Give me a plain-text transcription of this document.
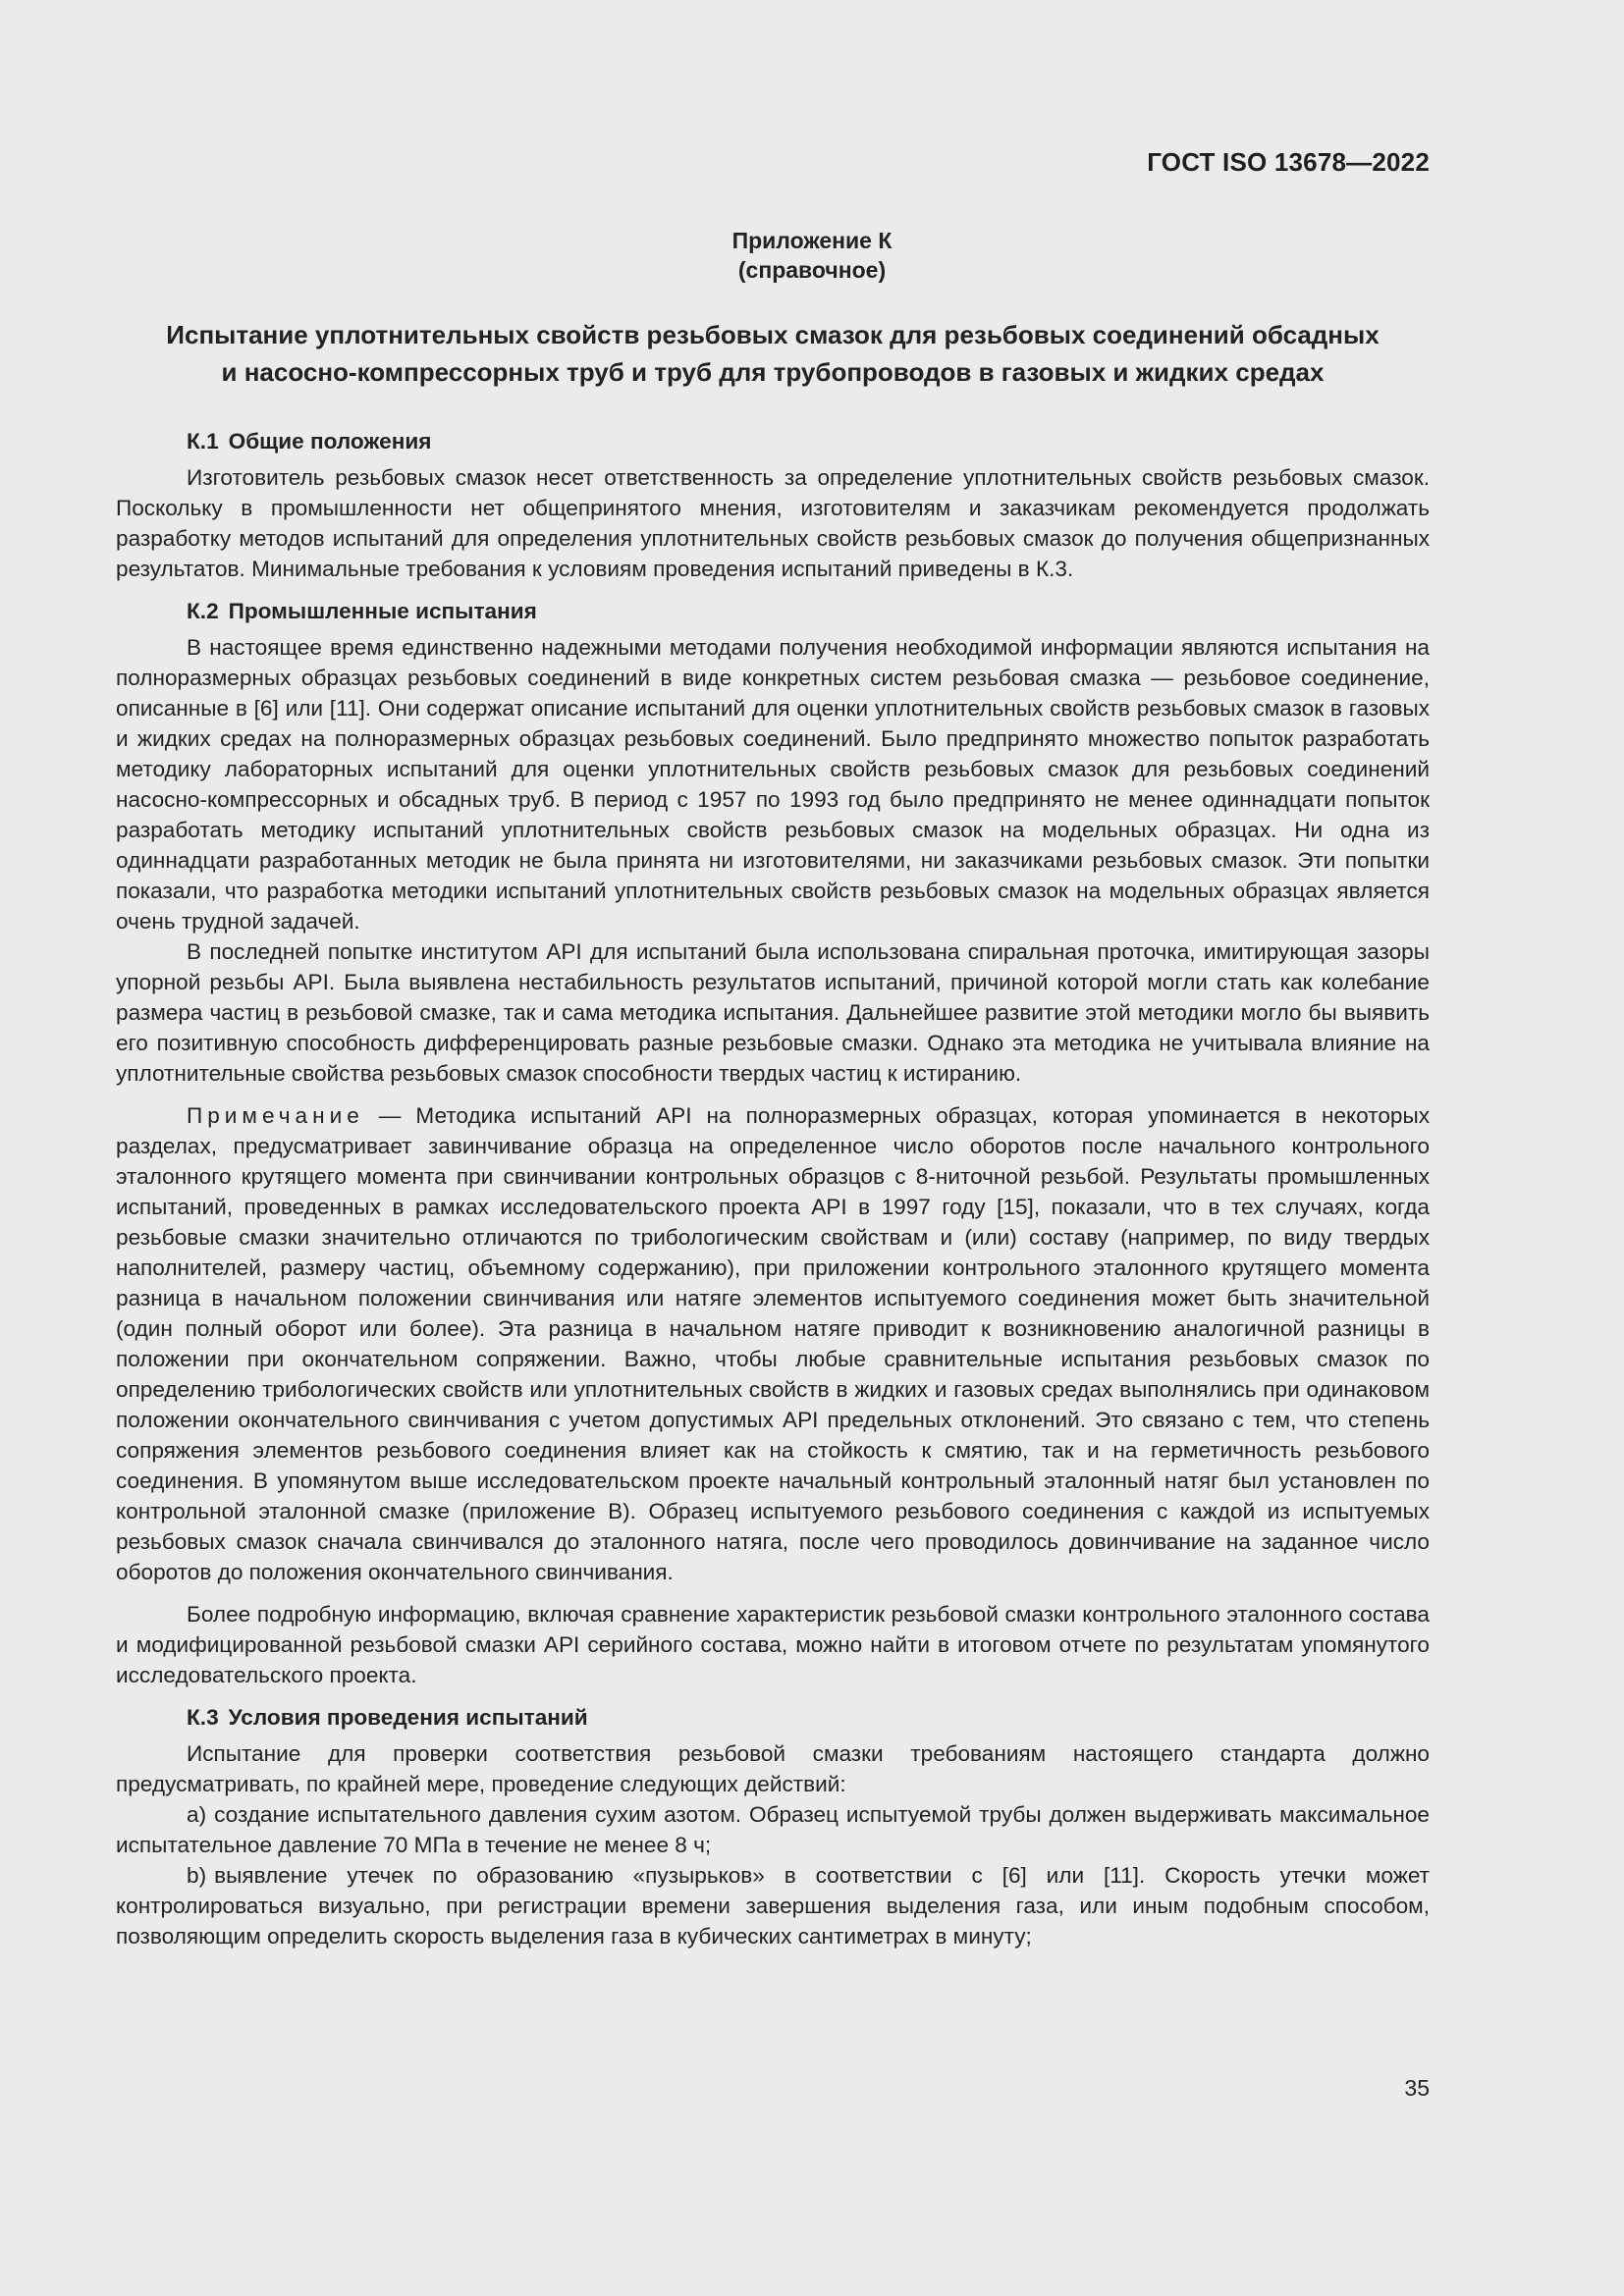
ГОСТ ISO 13678—2022
Приложение К
(справочное)
Испытание уплотнительных свойств резьбовых смазок для резьбовых соединений обсадных
и насосно-компрессорных труб и труб для трубопроводов в газовых и жидких средах
К.1 Общие положения

Изготовитель резьбовых смазок несет ответственность за определение уплотнительных свойств резьбовых смазок. Поскольку в промышленности нет общепринятого мнения, изготовителям и заказчикам рекомендуется продолжать разработку методов испытаний для определения уплотнительных свойств резьбовых смазок до получения общепризнанных результатов. Минимальные требования к условиям проведения испытаний приведены в К.3.

К.2 Промышленные испытания

В настоящее время единственно надежными методами получения необходимой информации являются испытания на полноразмерных образцах резьбовых соединений в виде конкретных систем резьбовая смазка — резьбовое соединение, описанные в [6] или [11]. Они содержат описание испытаний для оценки уплотнительных свойств резьбовых смазок в газовых и жидких средах на полноразмерных образцах резьбовых соединений. Было предпринято множество попыток разработать методику лабораторных испытаний для оценки уплотнительных свойств резьбовых смазок для резьбовых соединений насосно-компрессорных и обсадных труб. В период с 1957 по 1993 год было предпринято не менее одиннадцати попыток разработать методику испытаний уплотнительных свойств резьбовых смазок на модельных образцах. Ни одна из одиннадцати разработанных методик не была принята ни изготовителями, ни заказчиками резьбовых смазок. Эти попытки показали, что разработка методики испытаний уплотнительных свойств резьбовых смазок на модельных образцах является очень трудной задачей.

В последней попытке институтом API для испытаний была использована спиральная проточка, имитирующая зазоры упорной резьбы API. Была выявлена нестабильность результатов испытаний, причиной которой могли стать как колебание размера частиц в резьбовой смазке, так и сама методика испытания. Дальнейшее развитие этой методики могло бы выявить его позитивную способность дифференцировать разные резьбовые смазки. Однако эта методика не учитывала влияние на уплотнительные свойства резьбовых смазок способности твердых частиц к истиранию.

Примечание — Методика испытаний API на полноразмерных образцах, которая упоминается в некоторых разделах, предусматривает завинчивание образца на определенное число оборотов после начального контрольного эталонного крутящего момента при свинчивании контрольных образцов с 8-ниточной резьбой. Результаты промышленных испытаний, проведенных в рамках исследовательского проекта API в 1997 году [15], показали, что в тех случаях, когда резьбовые смазки значительно отличаются по трибологическим свойствам и (или) составу (например, по виду твердых наполнителей, размеру частиц, объемному содержанию), при приложении контрольного эталонного крутящего момента разница в начальном положении свинчивания или натяге элементов испытуемого соединения может быть значительной (один полный оборот или более). Эта разница в начальном натяге приводит к возникновению аналогичной разницы в положении при окончательном сопряжении. Важно, чтобы любые сравнительные испытания резьбовых смазок по определению трибологических свойств или уплотнительных свойств в жидких и газовых средах выполнялись при одинаковом положении окончательного свинчивания с учетом допустимых API предельных отклонений. Это связано с тем, что степень сопряжения элементов резьбового соединения влияет как на стойкость к смятию, так и на герметичность резьбового соединения. В упомянутом выше исследовательском проекте начальный контрольный эталонный натяг был установлен по контрольной эталонной смазке (приложение В). Образец испытуемого резьбового соединения с каждой из испытуемых резьбовых смазок сначала свинчивался до эталонного натяга, после чего проводилось довинчивание на заданное число оборотов до положения окончательного свинчивания.

Более подробную информацию, включая сравнение характеристик резьбовой смазки контрольного эталонного состава и модифицированной резьбовой смазки API серийного состава, можно найти в итоговом отчете по результатам упомянутого исследовательского проекта.

К.3 Условия проведения испытаний

Испытание для проверки соответствия резьбовой смазки требованиям настоящего стандарта должно предусматривать, по крайней мере, проведение следующих действий:

а) создание испытательного давления сухим азотом. Образец испытуемой трубы должен выдерживать максимальное испытательное давление 70 МПа в течение не менее 8 ч;

b) выявление утечек по образованию «пузырьков» в соответствии с [6] или [11]. Скорость утечки может контролироваться визуально, при регистрации времени завершения выделения газа, или иным подобным способом, позволяющим определить скорость выделения газа в кубических сантиметрах в минуту;

35
